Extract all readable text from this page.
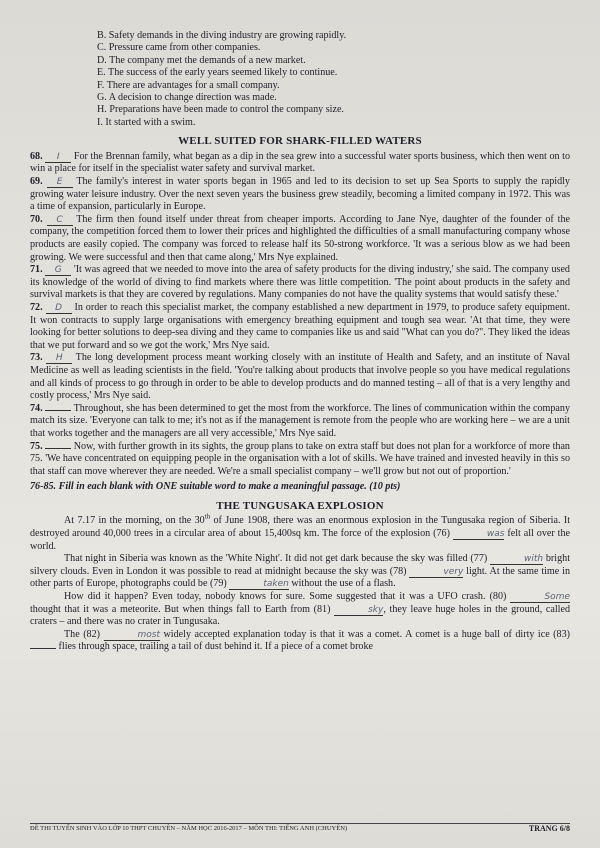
B. Safety demands in the diving industry are growing rapidly.
C. Pressure came from other companies.
D. The company met the demands of a new market.
E. The success of the early years seemed likely to continue.
F. There are advantages for a small company.
G. A decision to change direction was made.
H. Preparations have been made to control the company size.
I. It started with a swim.
WELL SUITED FOR SHARK-FILLED WATERS

68. I For the Brennan family, what began as a dip in the sea grew into a successful water sports business, which then went on to win a place for itself in the specialist water safety and survival market.

69. E The family's interest in water sports began in 1965 and led to its decision to set up Sea Sports to supply the rapidly growing water leisure industry. Over the next seven years the business grew steadily, becoming a limited company in 1972. This was a time of expansion, particularly in Europe.

70. C The firm then found itself under threat from cheaper imports. According to Jane Nye, daughter of the founder of the company, the competition forced them to lower their prices and highlighted the difficulties of a small manufacturing company whose products are easily copied. The company was forced to release half its 50-strong workforce. 'It was a serious blow as we had been growing. We were successful and then that came along,' Mrs Nye explained.

71. G 'It was agreed that we needed to move into the area of safety products for the diving industry,' she said. The company used its knowledge of the world of diving to find markets where there was little competition. 'The point about products in the safety and survival markets is that they are covered by regulations. Many companies do not have the quality systems that would satisfy these.'

72. D In order to reach this specialist market, the company established a new department in 1979, to produce safety equipment. It won contracts to supply large organisations with emergency breathing equipment and tough sea wear. 'At that time, they were looking for better solutions to deep-sea diving and they came to companies like us and said "What can you do?". They liked the ideas that we put forward and so we got the work,' Mrs Nye said.

73. H The long development process meant working closely with an institute of Health and Safety, and an institute of Naval Medicine as well as leading scientists in the field. 'You're talking about products that involve people so you have medical regulations and all kinds of process to go through in order to be able to develop products and do manned testing – all of that is a very lengthy and costly process,' Mrs Nye said.

74.	Throughout, she has been determined to get the most from the workforce. The lines of communication within the company match its size. 'Everyone can talk to me; it's not as if the management is remote from the people who are working here – we are a unit that works together and the managers are all very accessible,' Mrs Nye said.

75.	Now, with further growth in its sights, the group plans to take on extra staff but does not plan for a workforce of more than 75. 'We have concentrated on equipping people in the organisation with a lot of skills. We have trained and invested heavily in this so that staff can move wherever they are needed. We're a small specialist company – we'll grow but not out of proportion.'

76-85. Fill in each blank with ONE suitable word to make a meaningful passage. (10 pts)
THE TUNGUSAKA EXPLOSION

At 7.17 in the morning, on the 30th of June 1908, there was an enormous explosion in the Tungusaka region of Siberia. It destroyed around 40,000 trees in a circular area of about 15,400sq km. The force of the explosion (76)	was felt all over the world.

That night in Siberia was known as the 'White Night'. It did not get dark because the sky was filled (77)	with bright silvery clouds. Even in London it was possible to read at midnight because the sky was (78)	very light. At the same time in other parts of Europe, photographs could be (79)	taken without the use of a flash.

How did it happen? Even today, nobody knows for sure. Some suggested that it was a UFO crash. (80)	Some thought that it was a meteorite. But when things fall to Earth from (81)	sky, they leave huge holes in the ground, called craters – and there was no crater in Tungusaka.

The (82)	most widely accepted explanation today is that it was a comet. A comet is a huge ball of dirty ice (83)  flies through space, trailing a tail of dust behind it. If a piece of a comet broke

ĐỀ THI TUYỂN SINH VÀO LỚP 10 THPT CHUYÊN – NĂM HỌC 2016-2017 – MÔN THI: TIẾNG ANH (CHUYÊN)	TRANG 6/8
